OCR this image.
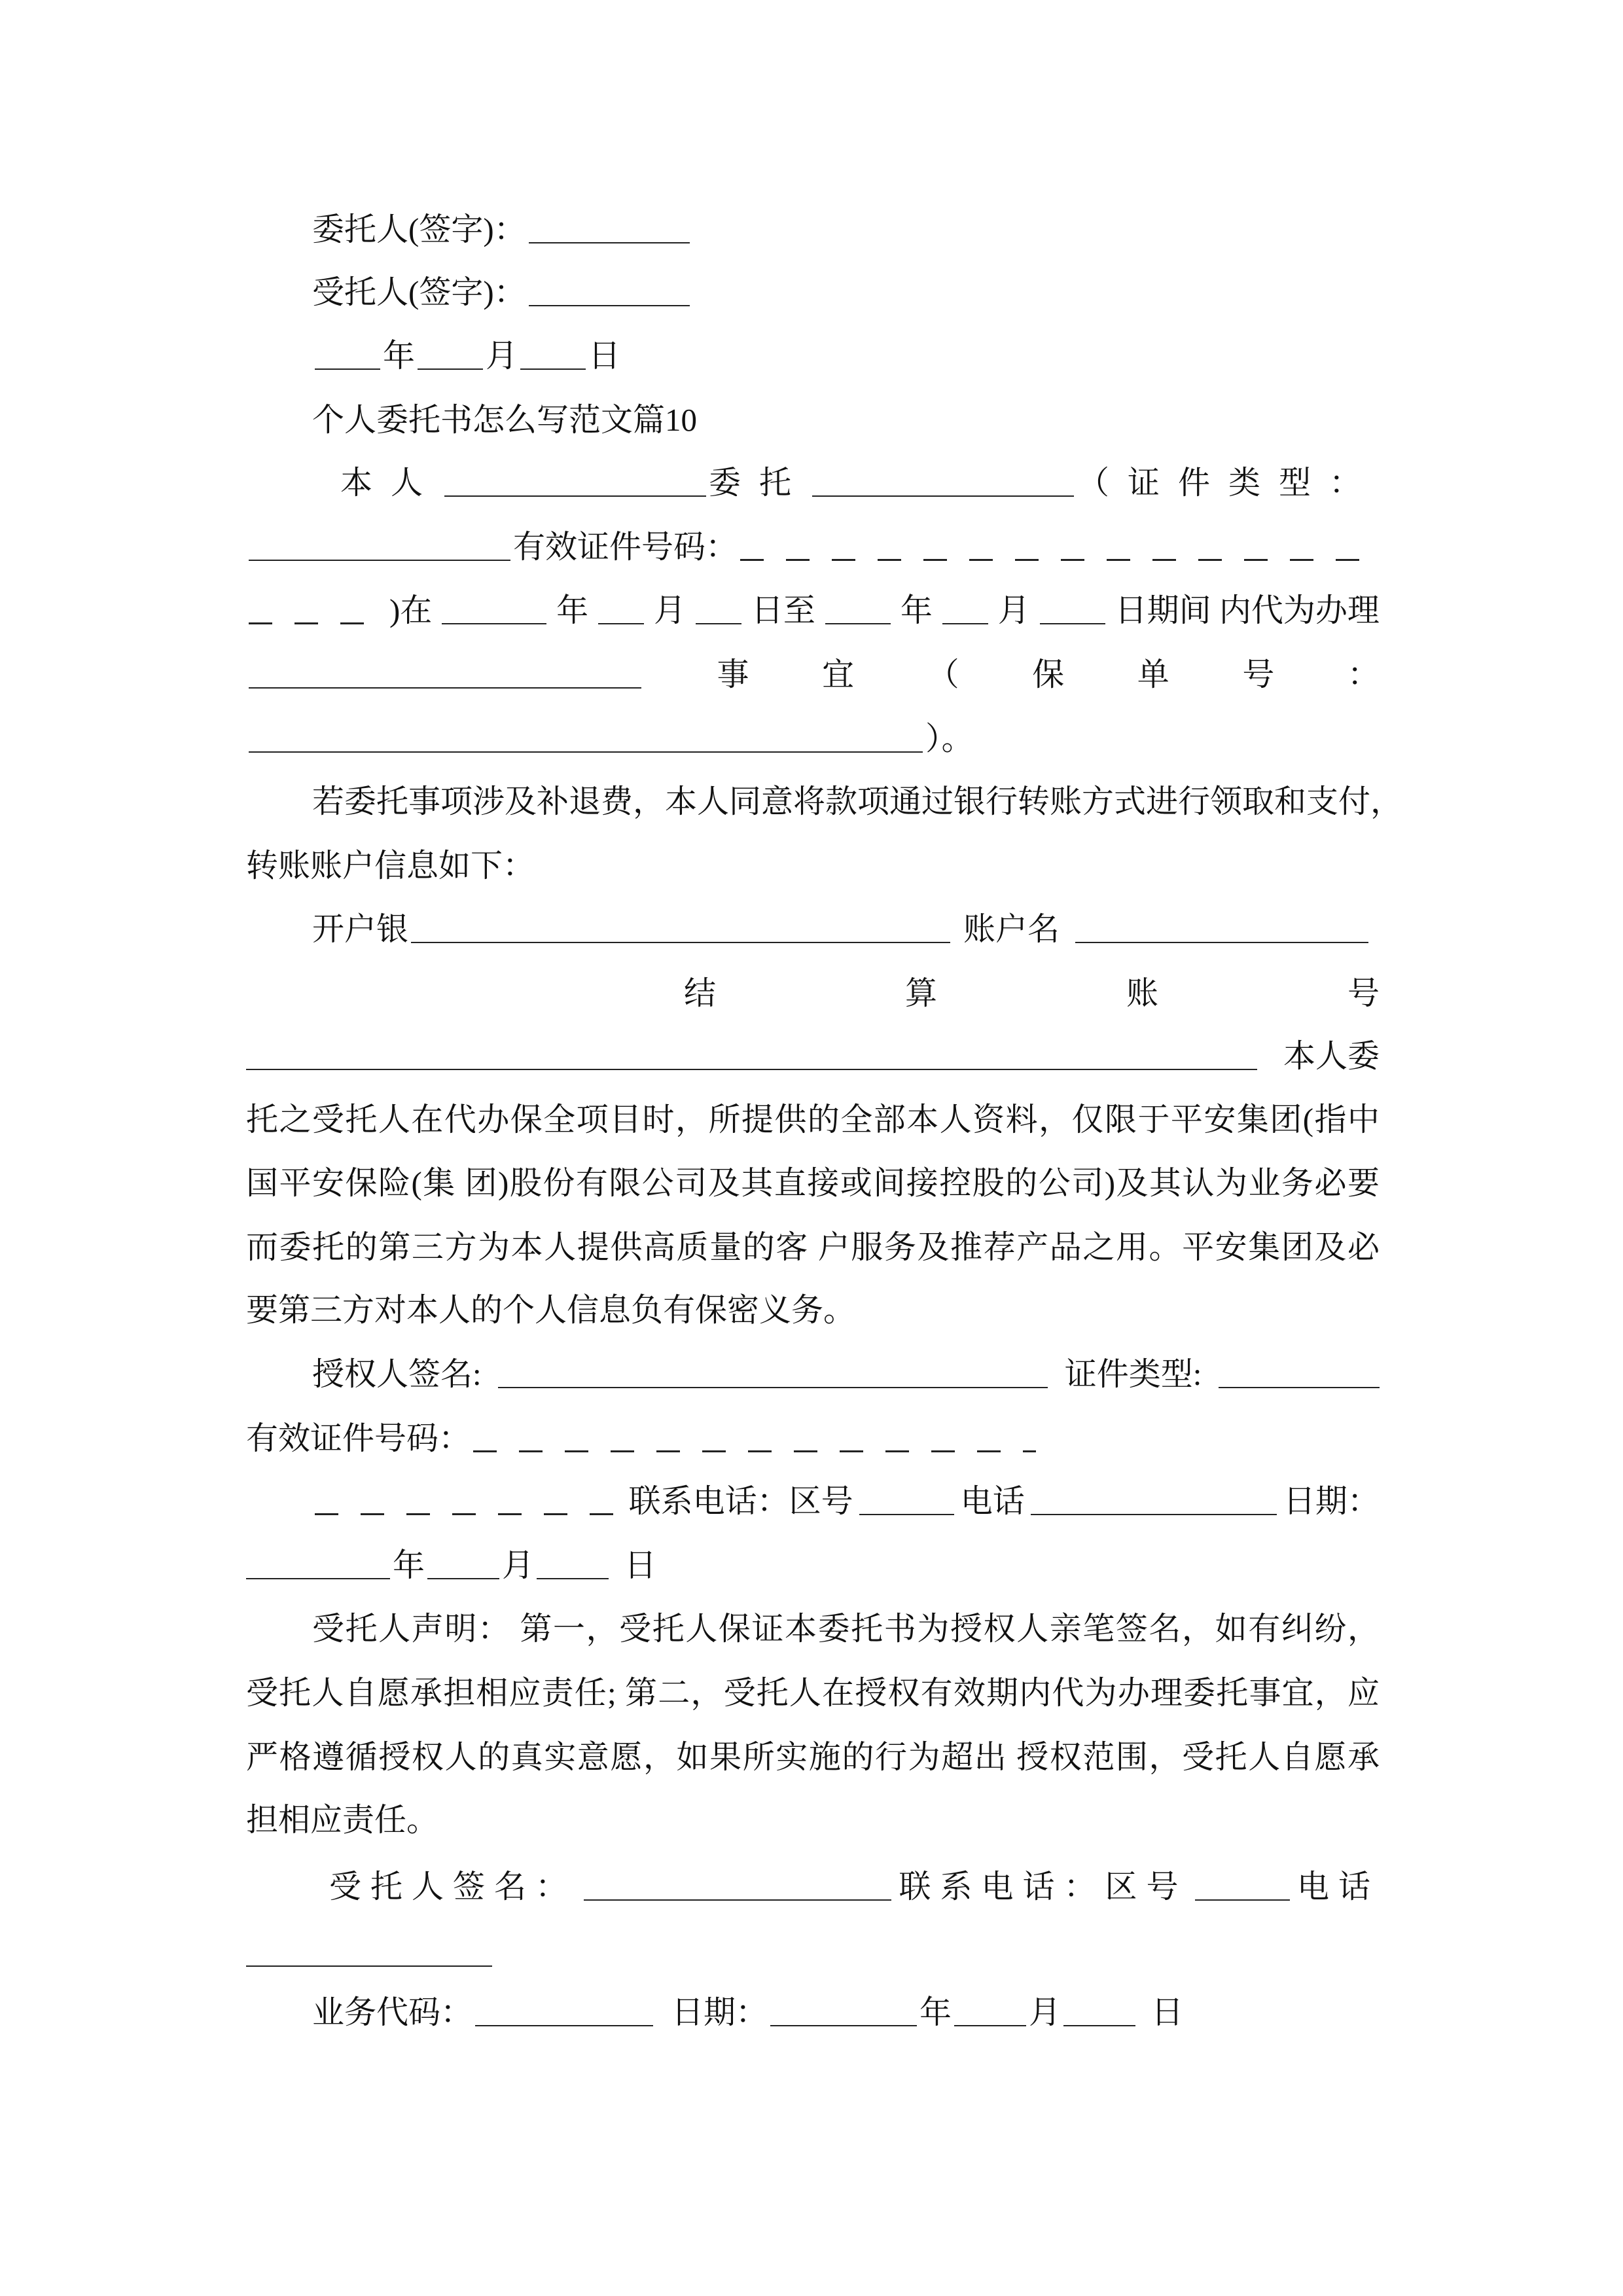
委托人(签字)：
受托人(签字)：
年 月 日
个人委托书怎么写范文篇10
本人	委托	（证件类型：
有效证件号码：
)在	年 月 日至	年 月	日期间 内代为办理
事 宜 （ 保 单 号 ：
）。
若委托事项涉及补退费，本人同意将款项通过银行转账方式进行领取和支付，
转账账户信息如下：
开户银	账户名
结	算	账	号
本人委
托之受托人在代办保全项目时，所提供的全部本人资料，仅限于平安集团(指中
国平安保险(集 团)股份有限公司及其直接或间接控股的公司)及其认为业务必要
而委托的第三方为本人提供高质量的客 户服务及推荐产品之用。平安集团及必
要第三方对本人的个人信息负有保密义务。
授权人签名:	证件类型:
有效证件号码：
联系电话：区号	电话	日期：
年 月	日
受托人声明： 第一，受托人保证本委托书为授权人亲笔签名，如有纠纷，
受托人自愿承担相应责任; 第二，受托人在授权有效期内代为办理委托事宜，应
严格遵循授权人的真实意愿，如果所实施的行为超出 授权范围，受托人自愿承
担相应责任。
受托人签名：	联系电话：区号	电话
业务代码：	日期：	年 月	日
